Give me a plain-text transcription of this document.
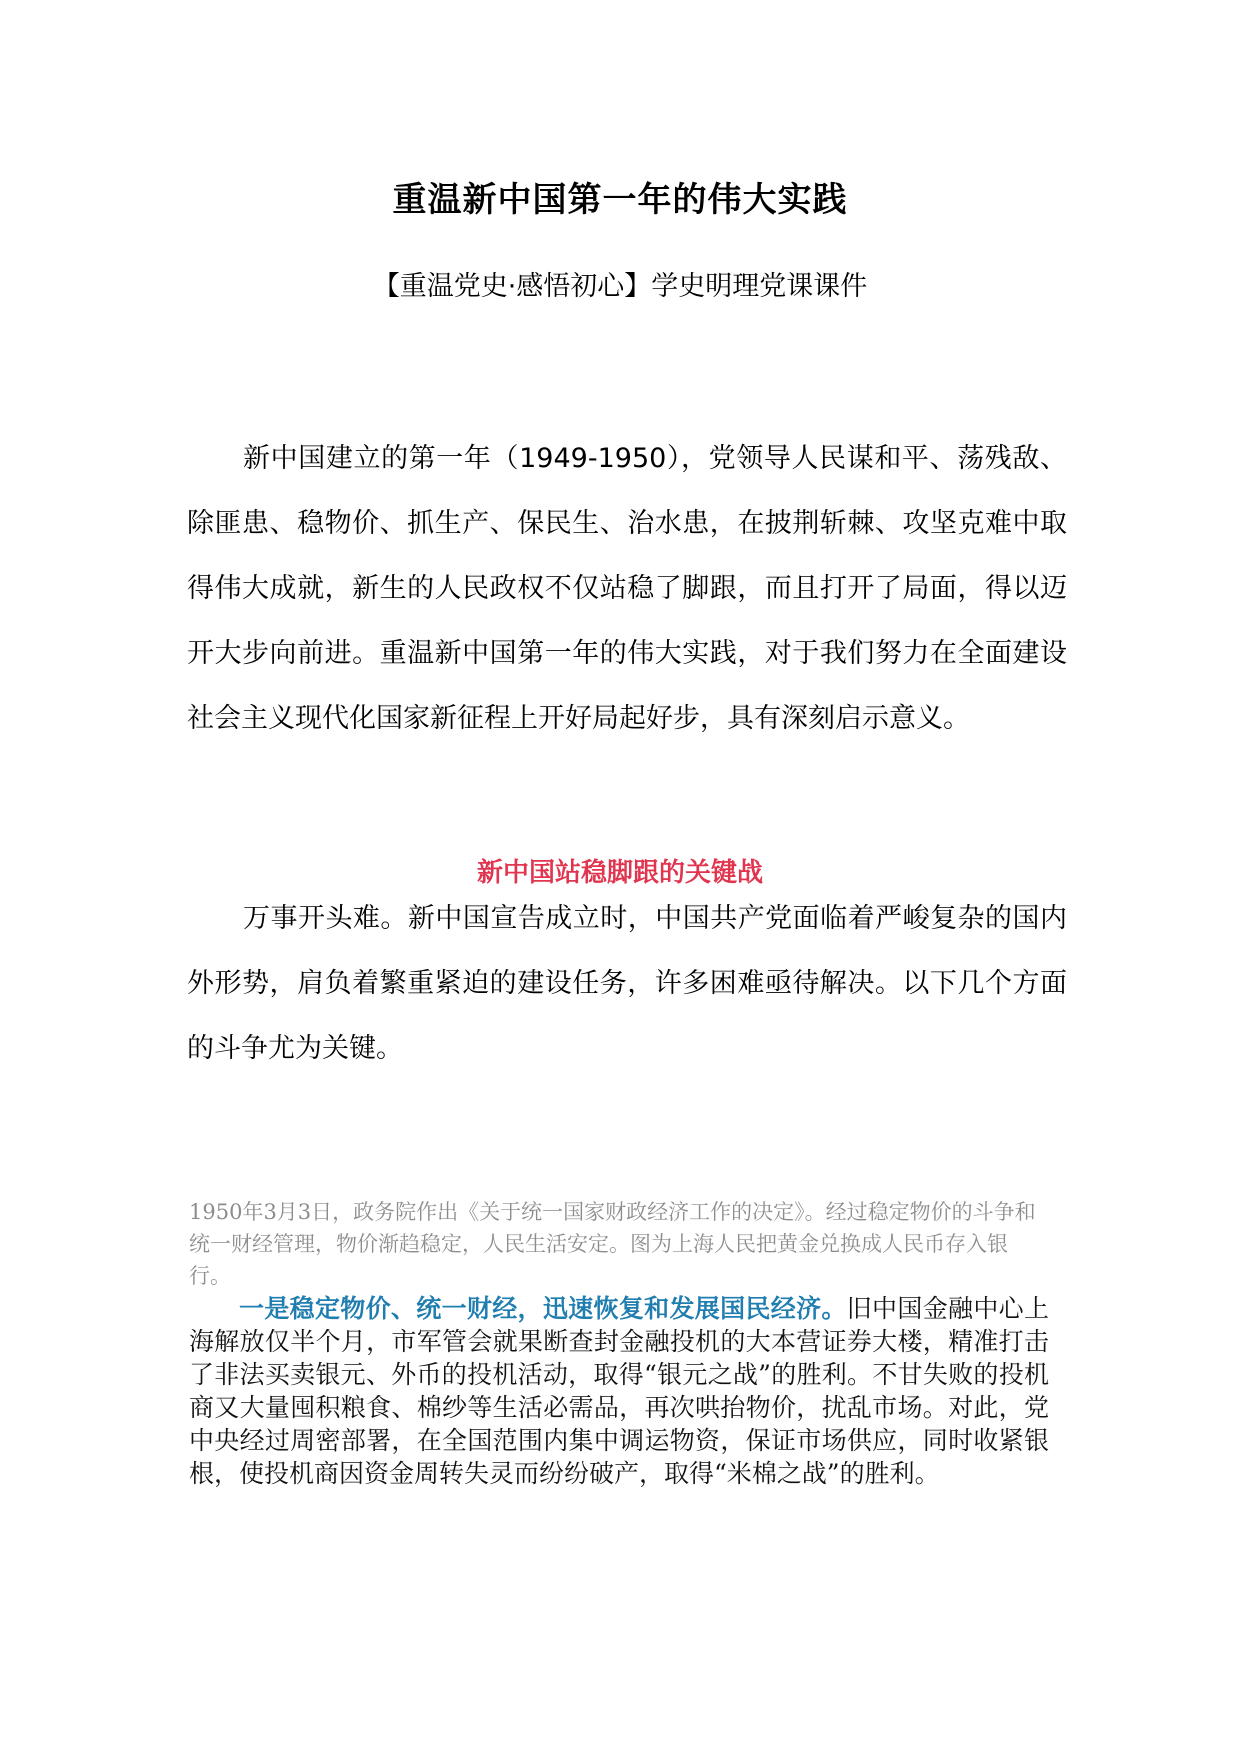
重温新中国第一年的伟大实践

【重温党史·感悟初心】学史明理党课课件

新中国建立的第一年（1949-1950），党领导人民谋和平、荡残敌、除匪患、稳物价、抓生产、保民生、治水患，在披荆斩棘、攻坚克难中取得伟大成就，新生的人民政权不仅站稳了脚跟，而且打开了局面，得以迈开大步向前进。重温新中国第一年的伟大实践，对于我们努力在全面建设社会主义现代化国家新征程上开好局起好步，具有深刻启示意义。

新中国站稳脚跟的关键战

万事开头难。新中国宣告成立时，中国共产党面临着严峻复杂的国内外形势，肩负着繁重紧迫的建设任务，许多困难亟待解决。以下几个方面的斗争尤为关键。

1950年3月3日，政务院作出《关于统一国家财政经济工作的决定》。经过稳定物价的斗争和统一财经管理，物价渐趋稳定，人民生活安定。图为上海人民把黄金兑换成人民币存入银行。

一是稳定物价、统一财经，迅速恢复和发展国民经济。旧中国金融中心上海解放仅半个月，市军管会就果断查封金融投机的大本营证券大楼，精准打击了非法买卖银元、外币的投机活动，取得“银元之战”的胜利。不甘失败的投机商又大量囤积粮食、棉纱等生活必需品，再次哄抬物价，扰乱市场。对此，党中央经过周密部署，在全国范围内集中调运物资，保证市场供应，同时收紧银根，使投机商因资金周转失灵而纷纷破产，取得“米棉之战”的胜利。
